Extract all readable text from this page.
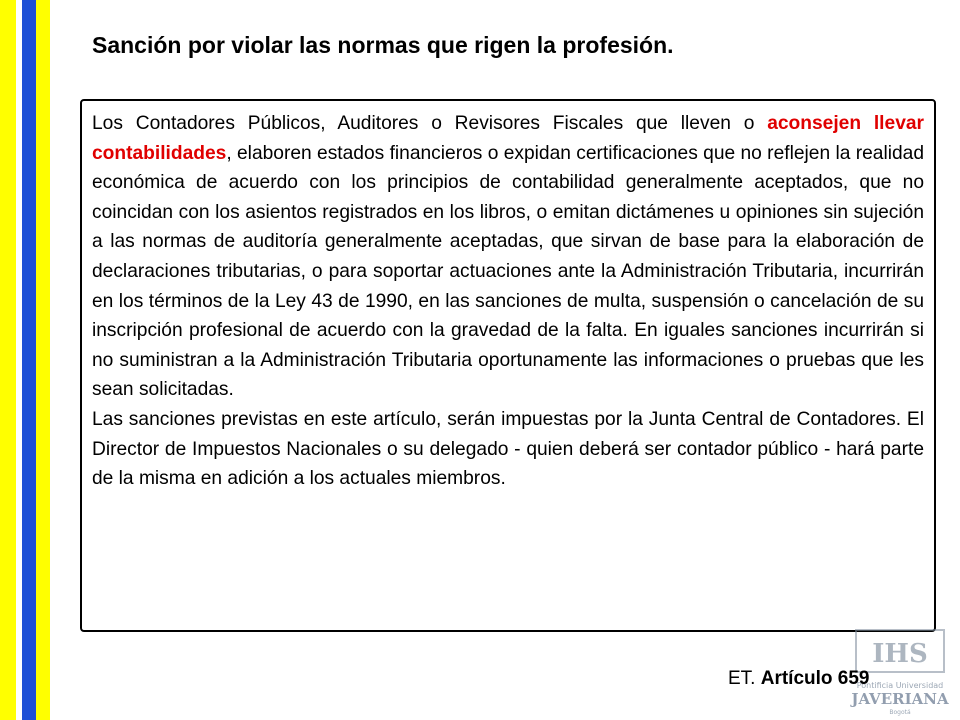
Sanción por violar las normas que rigen la profesión.

Los Contadores Públicos, Auditores o Revisores Fiscales que lleven o aconsejen llevar contabilidades, elaboren estados financieros o expidan certificaciones que no reflejen la realidad económica de acuerdo con los principios de contabilidad generalmente aceptados, que no coincidan con los asientos registrados en los libros, o emitan dictámenes u opiniones sin sujeción a las normas de auditoría generalmente aceptadas, que sirvan de base para la elaboración de declaraciones tributarias, o para soportar actuaciones ante la Administración Tributaria, incurrirán en los términos de la Ley 43 de 1990, en las sanciones de multa, suspensión o cancelación de su inscripción profesional de acuerdo con la gravedad de la falta. En iguales sanciones incurrirán si no suministran a la Administración Tributaria oportunamente las informaciones o pruebas que les sean solicitadas.

Las sanciones previstas en este artículo, serán impuestas por la Junta Central de Contadores. El Director de Impuestos Nacionales o su delegado - quien deberá ser contador público - hará parte de la misma en adición a los actuales miembros.

IHS
Pontificia Universidad
JAVERIANA
Bogotá
ET. Artículo 659
